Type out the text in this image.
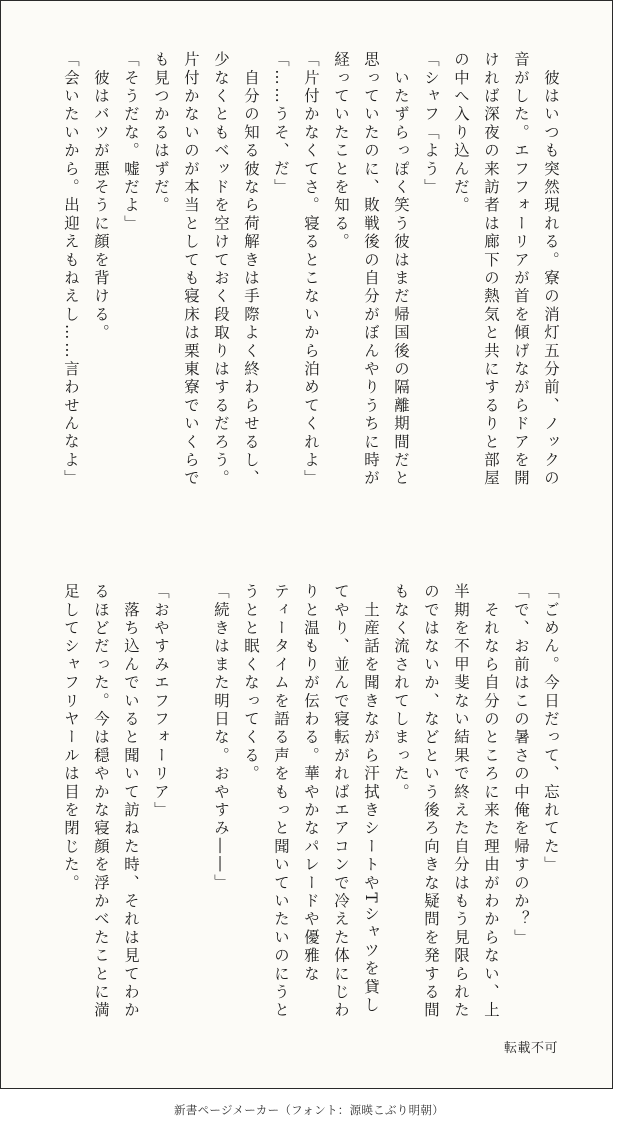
　彼はいつも突然現れる。寮の消灯五分前、ノックの
音がした。エフフォーリアが首を傾げながらドアを開
ければ深夜の来訪者は廊下の熱気と共にするりと部屋
の中へ入り込んだ。
「シャフ「よう」
　いたずらっぽく笑う彼はまだ帰国後の隔離期間だと
思っていたのに、敗戦後の自分がぼんやりうちに時が
経っていたことを知る。
「片付かなくてさ。寝るとこないから泊めてくれよ」
「……うそ、だ」
　自分の知る彼なら荷解きは手際よく終わらせるし、
少なくともベッドを空けておく段取りはするだろう。
片付かないのが本当としても寝床は栗東寮でいくらで
も見つかるはずだ。
「そうだな。嘘だよ」
　彼はバツが悪そうに顔を背ける。
「会いたいから。出迎えもねえし……言わせんなよ」
「ごめん。今日だって、忘れてた」
「で、お前はこの暑さの中俺を帰すのか？」
　それなら自分のところに来た理由がわからない、上
半期を不甲斐ない結果で終えた自分はもう見限られた
のではないか、などという後ろ向きな疑問を発する間
もなく流されてしまった。
　土産話を聞きながら汗拭きシートやTシャツを貸し
てやり、並んで寝転がればエアコンで冷えた体にじわ
りと温もりが伝わる。華やかなパレードや優雅な
ティータイムを語る声をもっと聞いていたいのにうと
うとと眠くなってくる。
「続きはまた明日な。おやすみ――」

「おやすみエフフォーリア」
　落ち込んでいると聞いて訪ねた時、それは見てわか
るほどだった。今は穏やかな寝顔を浮かべたことに満
足してシャフリヤールは目を閉じた。
転載不可
新書ページメーカー（フォント：源暎こぶり明朝）
